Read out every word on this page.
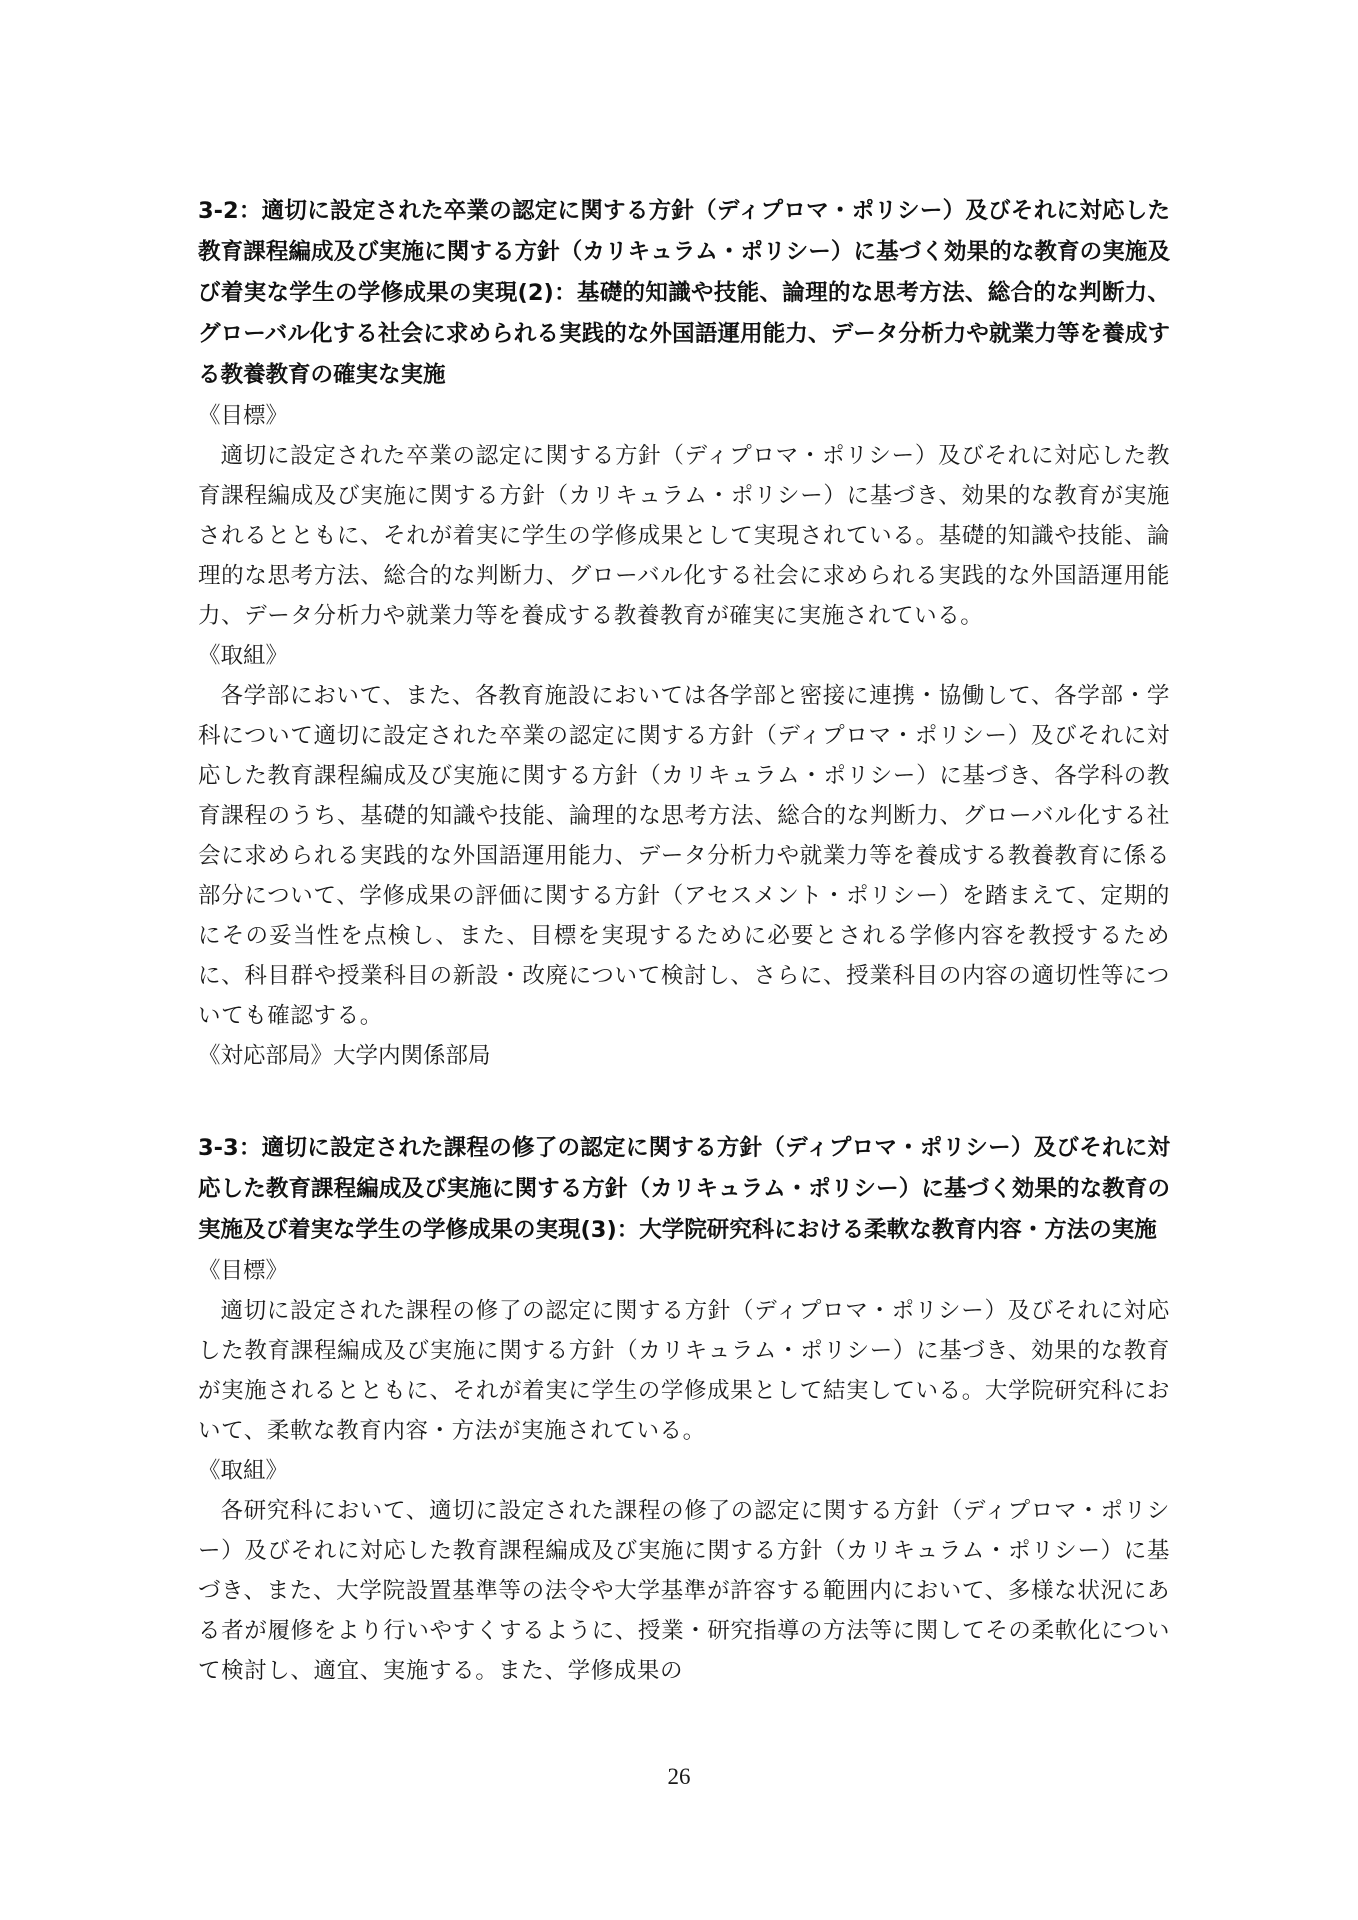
3-2：適切に設定された卒業の認定に関する方針（ディプロマ・ポリシー）及びそれに対応した教育課程編成及び実施に関する方針（カリキュラム・ポリシー）に基づく効果的な教育の実施及び着実な学生の学修成果の実現(2)：基礎的知識や技能、論理的な思考方法、総合的な判断力、グローバル化する社会に求められる実践的な外国語運用能力、データ分析力や就業力等を養成する教養教育の確実な実施

《目標》

適切に設定された卒業の認定に関する方針（ディプロマ・ポリシー）及びそれに対応した教育課程編成及び実施に関する方針（カリキュラム・ポリシー）に基づき、効果的な教育が実施されるとともに、それが着実に学生の学修成果として実現されている。基礎的知識や技能、論理的な思考方法、総合的な判断力、グローバル化する社会に求められる実践的な外国語運用能力、データ分析力や就業力等を養成する教養教育が確実に実施されている。

《取組》

各学部において、また、各教育施設においては各学部と密接に連携・協働して、各学部・学科について適切に設定された卒業の認定に関する方針（ディプロマ・ポリシー）及びそれに対応した教育課程編成及び実施に関する方針（カリキュラム・ポリシー）に基づき、各学科の教育課程のうち、基礎的知識や技能、論理的な思考方法、総合的な判断力、グローバル化する社会に求められる実践的な外国語運用能力、データ分析力や就業力等を養成する教養教育に係る部分について、学修成果の評価に関する方針（アセスメント・ポリシー）を踏まえて、定期的にその妥当性を点検し、また、目標を実現するために必要とされる学修内容を教授するために、科目群や授業科目の新設・改廃について検討し、さらに、授業科目の内容の適切性等についても確認する。

《対応部局》大学内関係部局

3-3：適切に設定された課程の修了の認定に関する方針（ディプロマ・ポリシー）及びそれに対応した教育課程編成及び実施に関する方針（カリキュラム・ポリシー）に基づく効果的な教育の実施及び着実な学生の学修成果の実現(3)：大学院研究科における柔軟な教育内容・方法の実施

《目標》

適切に設定された課程の修了の認定に関する方針（ディプロマ・ポリシー）及びそれに対応した教育課程編成及び実施に関する方針（カリキュラム・ポリシー）に基づき、効果的な教育が実施されるとともに、それが着実に学生の学修成果として結実している。大学院研究科において、柔軟な教育内容・方法が実施されている。

《取組》

各研究科において、適切に設定された課程の修了の認定に関する方針（ディプロマ・ポリシー）及びそれに対応した教育課程編成及び実施に関する方針（カリキュラム・ポリシー）に基づき、また、大学院設置基準等の法令や大学基準が許容する範囲内において、多様な状況にある者が履修をより行いやすくするように、授業・研究指導の方法等に関してその柔軟化について検討し、適宜、実施する。また、学修成果の

26
